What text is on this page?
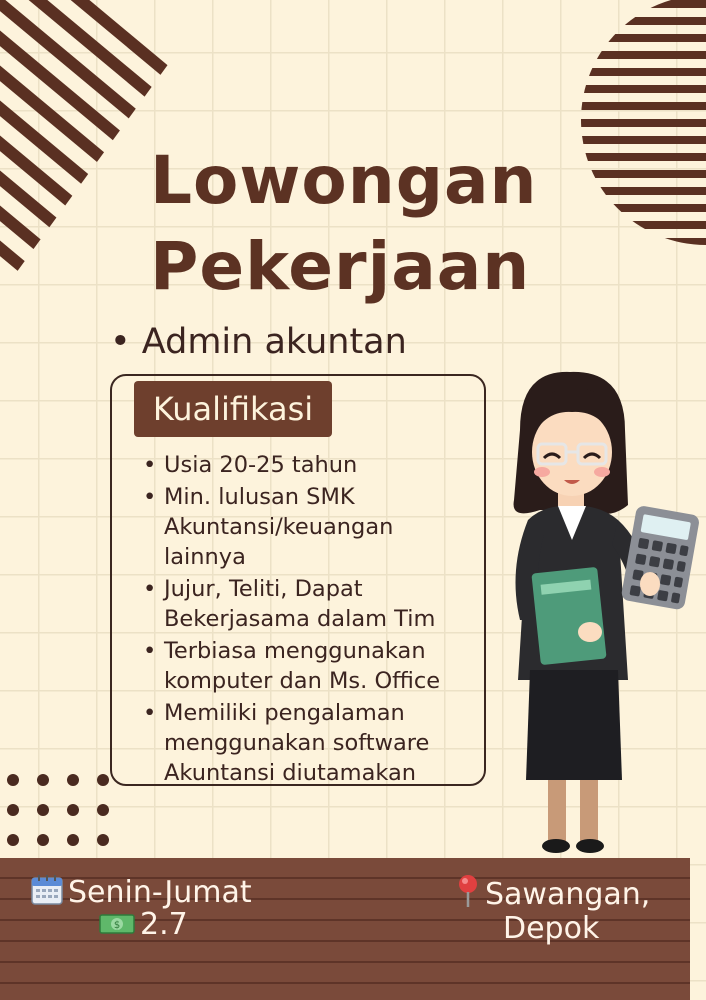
Lowongan
Pekerjaan
• Admin akuntan
Kualifikasi
• Usia 20-25 tahun
• Min. lulusan SMK Akuntansi/keuangan lainnya
• Jujur, Teliti, Dapat Bekerjasama dalam Tim
• Terbiasa menggunakan komputer dan Ms. Office
• Memiliki pengalaman menggunakan software Akuntansi diutamakan
Senin-Jumat
$ 2.7
Sawangan,
Depok
